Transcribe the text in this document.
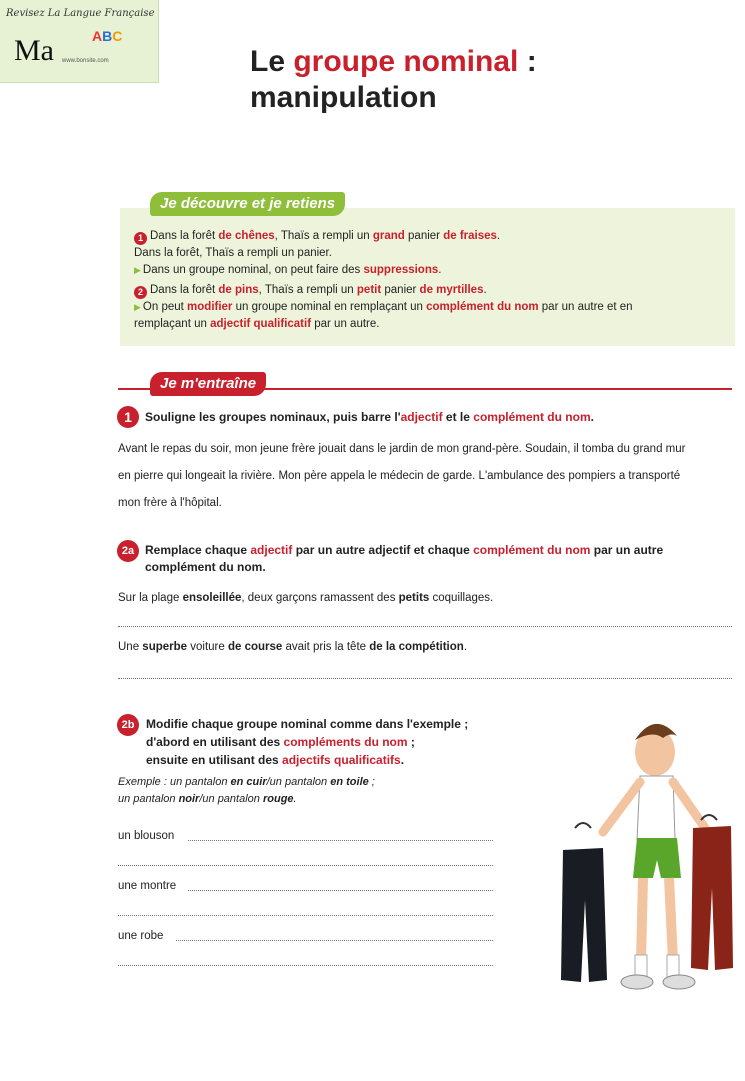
Revisez La Langue Française
Ma	ABC
www.bonsite.com	Le groupe nominal :
manipulation
Je découvre et je retiens
1 Dans la forêt de chênes, Thaïs a rempli un grand panier de fraises.
Dans la forêt, Thaïs a rempli un panier.
▶ Dans un groupe nominal, on peut faire des suppressions.
2 Dans la forêt de pins, Thaïs a rempli un petit panier de myrtilles.
▶ On peut modifier un groupe nominal en remplaçant un complément du nom par un autre et en
remplaçant un adjectif qualificatif par un autre.
Je m'entraîne
1	Souligne les groupes nominaux, puis barre l'adjectif et le complément du nom.
Avant le repas du soir, mon jeune frère jouait dans le jardin de mon grand-père. Soudain, il tomba du grand mur
en pierre qui longeait la rivière. Mon père appela le médecin de garde. L'ambulance des pompiers a transporté
mon frère à l'hôpital.
2a Remplace chaque adjectif par un autre adjectif et chaque complément du nom par un autre
complément du nom.
Sur la plage ensoleillée, deux garçons ramassent des petits coquillages.
Une superbe voiture de course avait pris la tête de la compétition.
2b Modifie chaque groupe nominal comme dans l'exemple ;
d'abord en utilisant des compléments du nom ;
ensuite en utilisant des adjectifs qualificatifs.
Exemple : un pantalon en cuir/un pantalon en toile ;
un pantalon noir/un pantalon rouge.
un blouson
une montre
une robe
